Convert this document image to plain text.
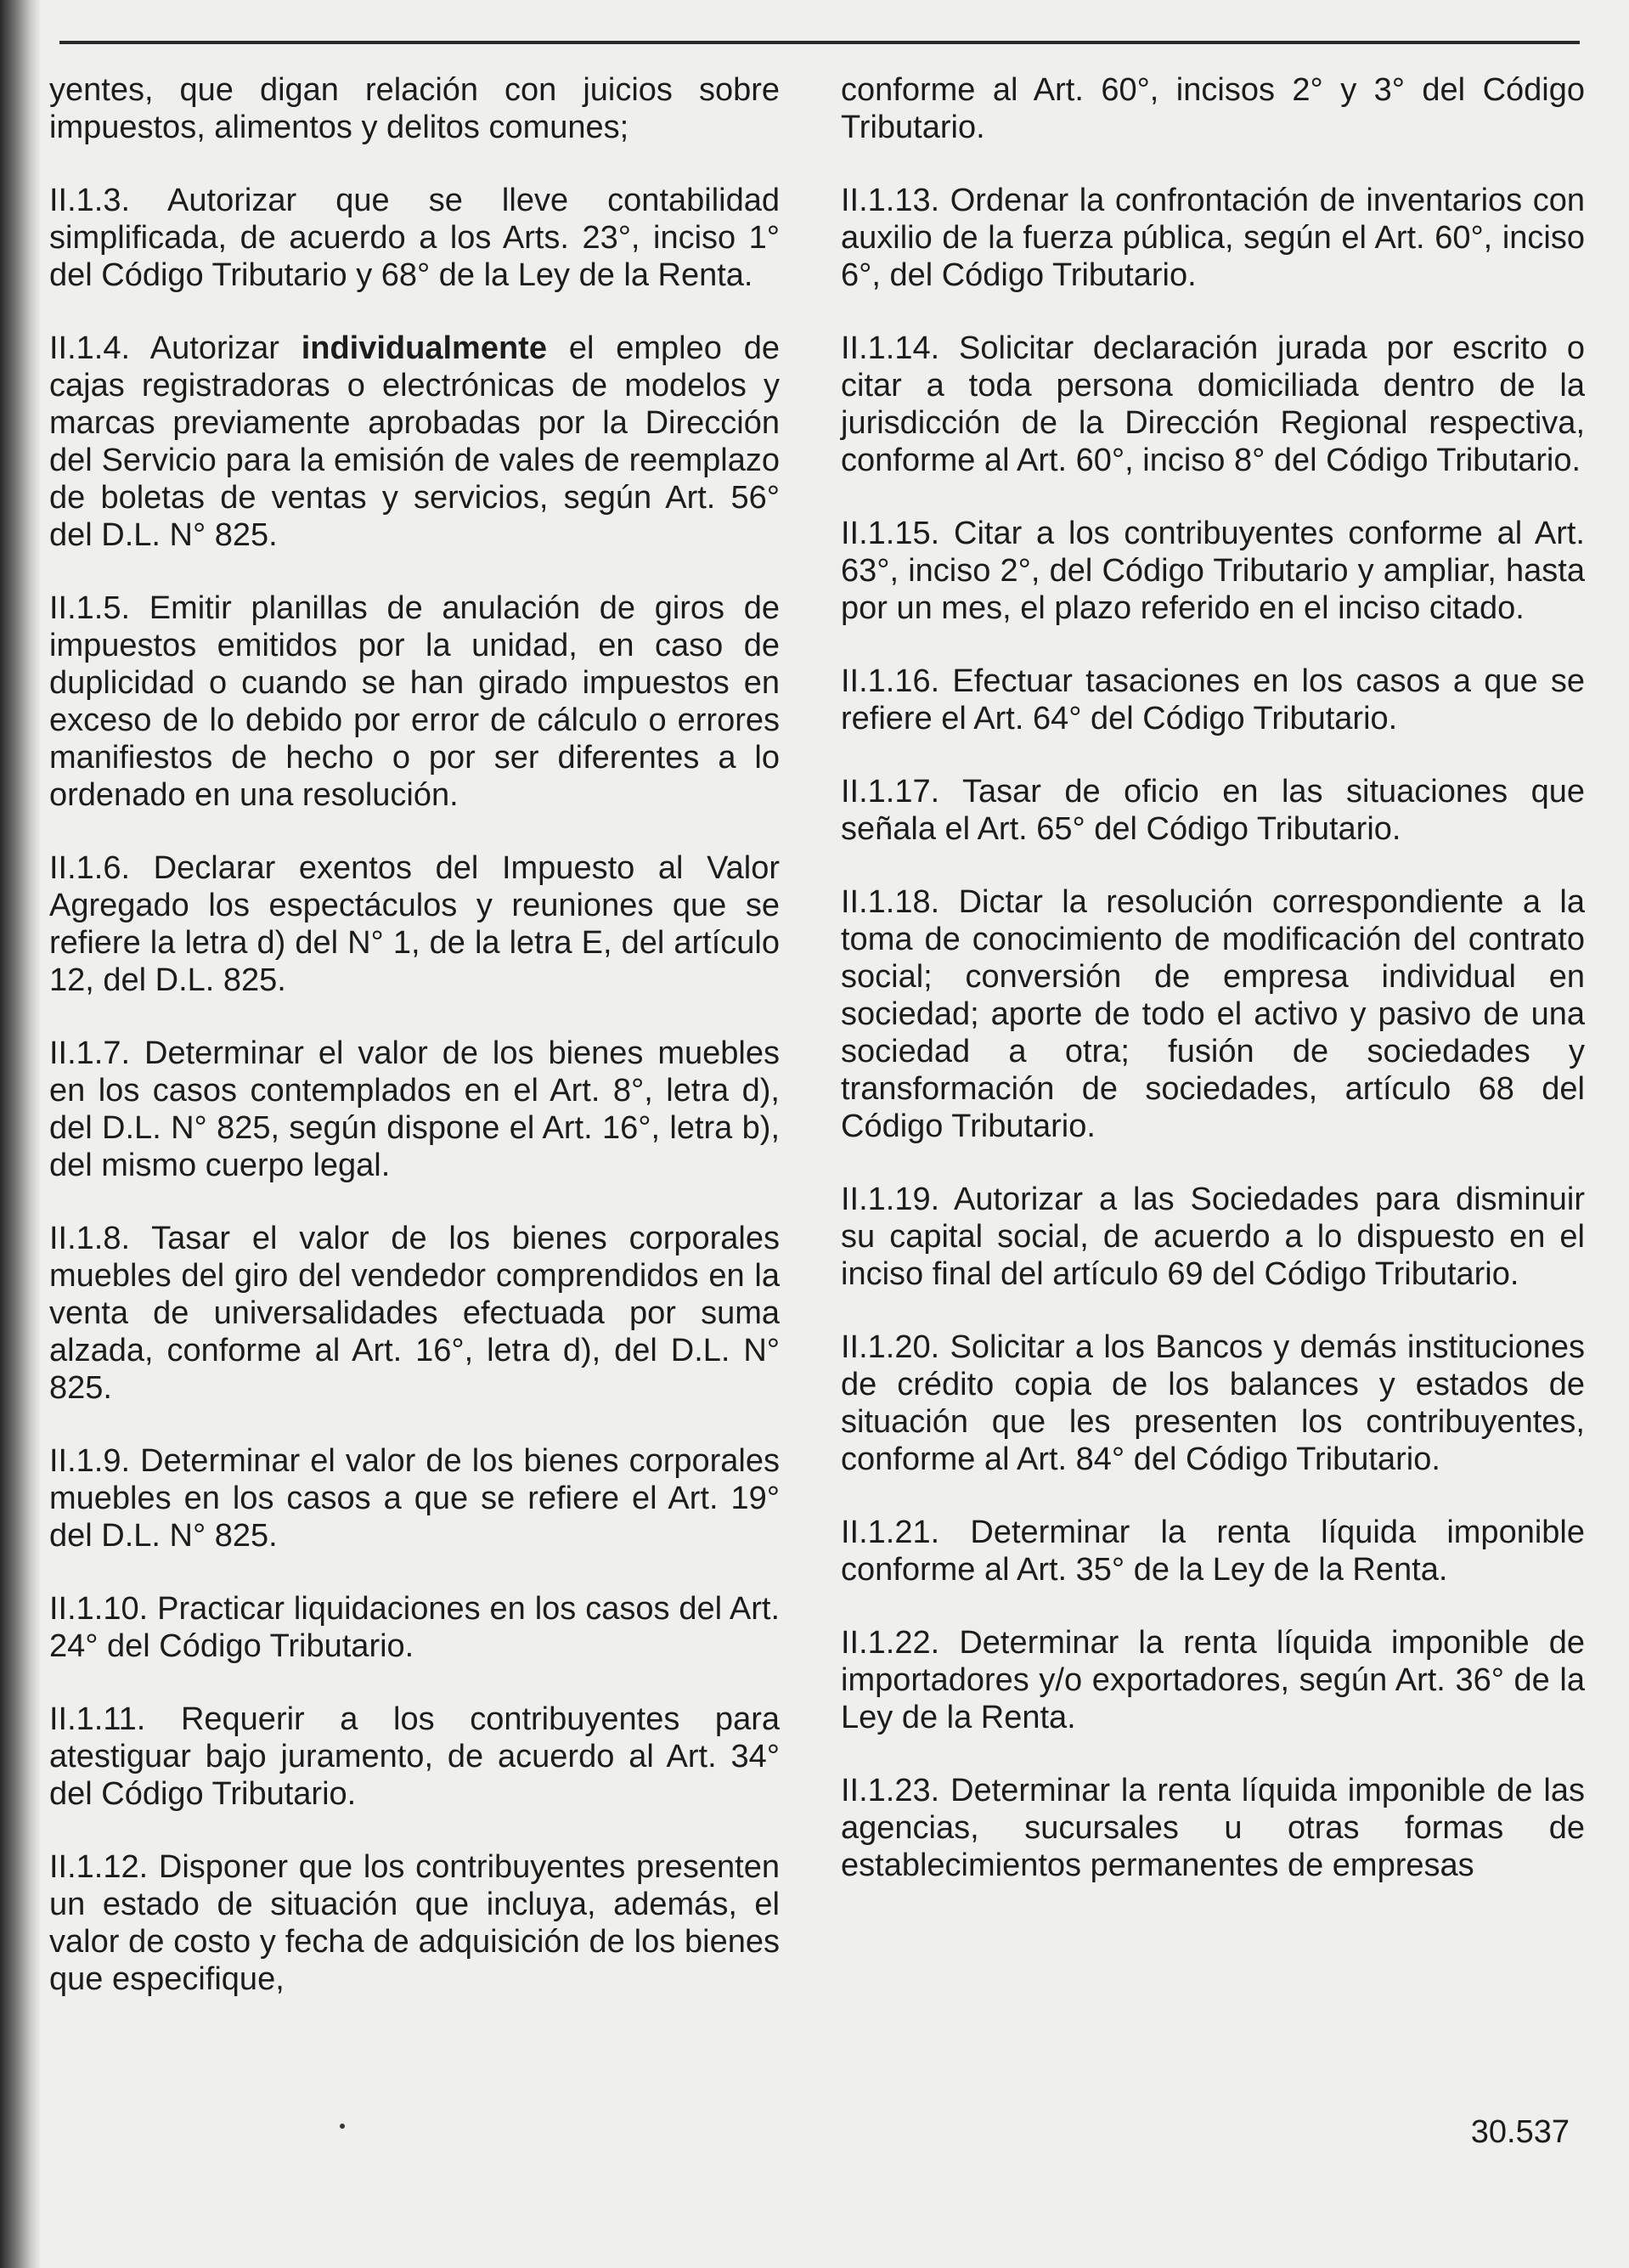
yentes, que digan relación con juicios sobre impuestos, alimentos y delitos comunes;

II.1.3. Autorizar que se lleve contabilidad simplificada, de acuerdo a los Arts. 23°, inciso 1° del Código Tributario y 68° de la Ley de la Renta.

II.1.4. Autorizar individualmente el empleo de cajas registradoras o electrónicas de modelos y marcas previamente aprobadas por la Dirección del Servicio para la emisión de vales de reemplazo de boletas de ventas y servicios, según Art. 56° del D.L. N° 825.

II.1.5. Emitir planillas de anulación de giros de impuestos emitidos por la unidad, en caso de duplicidad o cuando se han girado impuestos en exceso de lo debido por error de cálculo o errores manifiestos de hecho o por ser diferentes a lo ordenado en una resolución.

II.1.6. Declarar exentos del Impuesto al Valor Agregado los espectáculos y reuniones que se refiere la letra d) del N° 1, de la letra E, del artículo 12, del D.L. 825.

II.1.7. Determinar el valor de los bienes muebles en los casos contemplados en el Art. 8°, letra d), del D.L. N° 825, según dispone el Art. 16°, letra b), del mismo cuerpo legal.

II.1.8. Tasar el valor de los bienes corporales muebles del giro del vendedor comprendidos en la venta de universalidades efectuada por suma alzada, conforme al Art. 16°, letra d), del D.L. N° 825.

II.1.9. Determinar el valor de los bienes corporales muebles en los casos a que se refiere el Art. 19° del D.L. N° 825.

II.1.10. Practicar liquidaciones en los casos del Art. 24° del Código Tributario.

II.1.11. Requerir a los contribuyentes para atestiguar bajo juramento, de acuerdo al Art. 34° del Código Tributario.

II.1.12. Disponer que los contribuyentes presenten un estado de situación que incluya, además, el valor de costo y fecha de adquisición de los bienes que especifique,

conforme al Art. 60°, incisos 2° y 3° del Código Tributario.

II.1.13. Ordenar la confrontación de inventarios con auxilio de la fuerza pública, según el Art. 60°, inciso 6°, del Código Tributario.

II.1.14. Solicitar declaración jurada por escrito o citar a toda persona domiciliada dentro de la jurisdicción de la Dirección Regional respectiva, conforme al Art. 60°, inciso 8° del Código Tributario.

II.1.15. Citar a los contribuyentes conforme al Art. 63°, inciso 2°, del Código Tributario y ampliar, hasta por un mes, el plazo referido en el inciso citado.

II.1.16. Efectuar tasaciones en los casos a que se refiere el Art. 64° del Código Tributario.

II.1.17. Tasar de oficio en las situaciones que señala el Art. 65° del Código Tributario.

II.1.18. Dictar la resolución correspondiente a la toma de conocimiento de modificación del contrato social; conversión de empresa individual en sociedad; aporte de todo el activo y pasivo de una sociedad a otra; fusión de sociedades y transformación de sociedades, artículo 68 del Código Tributario.

II.1.19. Autorizar a las Sociedades para disminuir su capital social, de acuerdo a lo dispuesto en el inciso final del artículo 69 del Código Tributario.

II.1.20. Solicitar a los Bancos y demás instituciones de crédito copia de los balances y estados de situación que les presenten los contribuyentes, conforme al Art. 84° del Código Tributario.

II.1.21. Determinar la renta líquida imponible conforme al Art. 35° de la Ley de la Renta.

II.1.22. Determinar la renta líquida imponible de importadores y/o exportadores, según Art. 36° de la Ley de la Renta.

II.1.23. Determinar la renta líquida imponible de las agencias, sucursales u otras formas de establecimientos permanentes de empresas

30.537
